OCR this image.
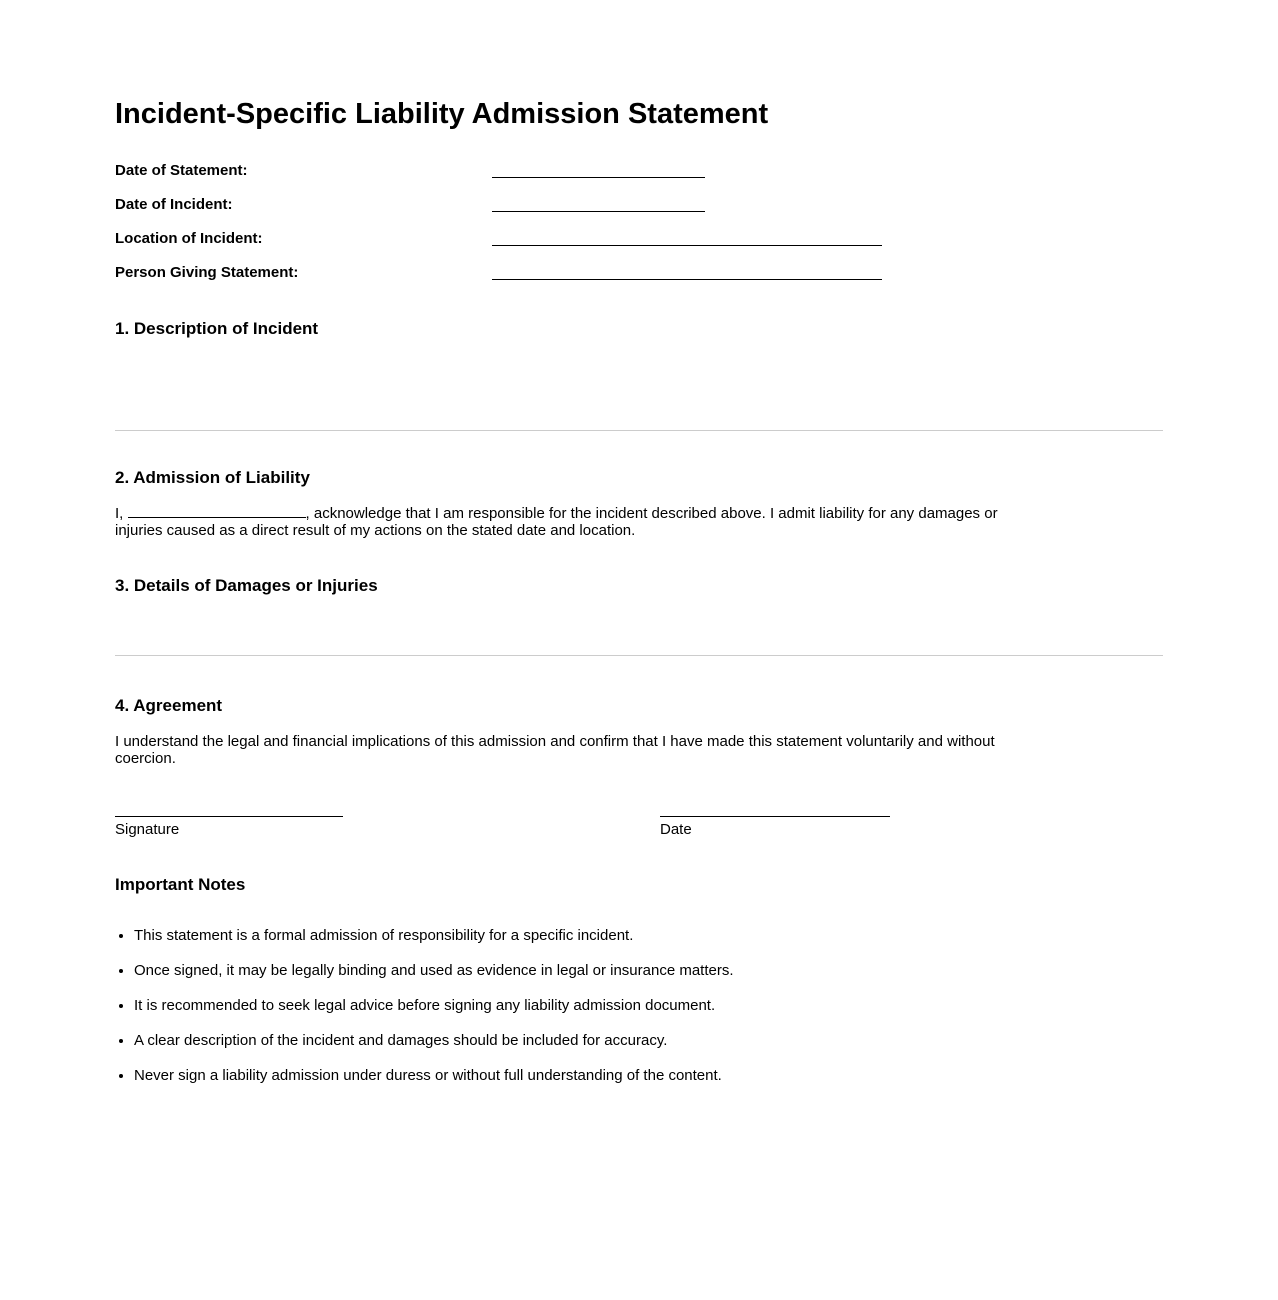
Incident-Specific Liability Admission Statement
Date of Statement:
Date of Incident:
Location of Incident:
Person Giving Statement:
1. Description of Incident
2. Admission of Liability

I,	, acknowledge that I am responsible for the incident described above. I admit liability for any damages or injuries caused as a direct result of my actions on the stated date and location.

3. Details of Damages or Injuries
4. Agreement

I understand the legal and financial implications of this admission and confirm that I have made this statement voluntarily and without coercion.

Signature	Date
Important Notes
• This statement is a formal admission of responsibility for a specific incident.
• Once signed, it may be legally binding and used as evidence in legal or insurance matters.
• It is recommended to seek legal advice before signing any liability admission document.
• A clear description of the incident and damages should be included for accuracy.
• Never sign a liability admission under duress or without full understanding of the content.
